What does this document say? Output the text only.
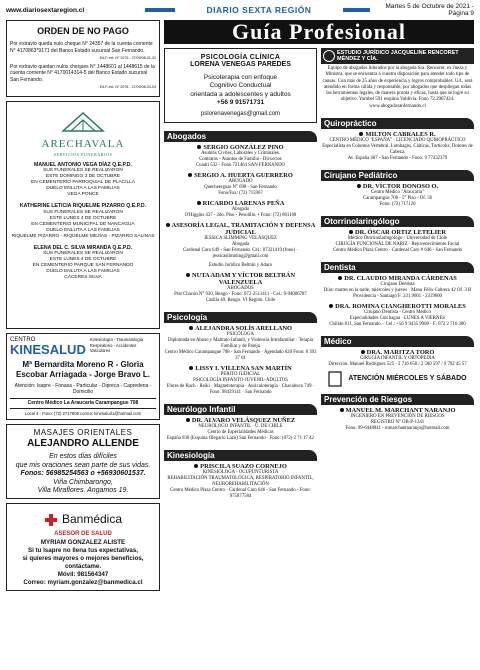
www.diariosextaregion.cl	DIARIO SEXTA REGIÓN	Martes 5 de Octubre de 2021 - Página 9
ORDEN DE NO PAGO
Por extravío queda nulo cheque N° 24357 de la cuenta corriente N° 4170863*9171 del Banco Estado sucursal San Fernando.
Ed-F-ext. N° 2075 - 27/09/08-01-02
Por extravío quedan nulos cheques N° 1448601 al 1448615 de la cuenta corriente N° 4170014314-5 del Banco Estado sucursal San Fernando.
Ed-F-ext. N° 2076 - 27/09/08-03-04
ARECHAVALA
SERVICIOS FUNERARIOS
MANUEL ANTONIO VEGA DÍAZ Q.E.P.D.
SUS FUNERALES SE REALIZARON
ESTE DOMINGO 3 DE OCTUBRE
EN CEMENTERIO PARROQUIAL DE PLACILLA
DUELO ENLUTA A LAS FAMILIAS
VEGA PONCE
KATHERINE LETICIA RIQUELME PIZARRO Q.E.P.D.
SUS FUNERALES SE REALIZARON
ESTE LUNES 4 DE OCTUBRE
EN CEMENTERIO MUNICIPAL DE NANCAGUA
DUELO ENLUTA A LAS FAMILIAS
RIQUELME PIZARRO - RIQUELME MEJÍAS - PIZARRO SALINAS
ELENA DEL C. SILVA MIRANDA Q.E.P.D.
SUS FUNERALES SE REALIZARON
ESTE LUNES 4 DE OCTUBRE
EN CEMENTERIO PARQUE SAN FERNANDO
DUELO ENLUTA A LAS FAMILIAS
CÁCERES SILVA
CENTRO
KINESALUD
Kinesiología - Traumatología Respiratorio - Accidentes Vasculares
Mª Bernardita Moreno R - Gloria Escobar Arriagada - Jorge Bravo L.
Atención: Isapre - Fonasa - Particular - Dipreca - Capredena - Domicilio
Centro Médico La Araucaria Carampangue 708
Local 4 - Fono: (72) 2717806 correo: kinesalud1@hotmail.com
MASAJES ORIENTALES
ALEJANDRO ALLENDE
En estos días difíciles
que mis oraciones sean parte de sus vidas.
Fonos: 56985254563 o +56930601537.
Viña Chimbarongo,
Villa Miraflores. Angamos 19.
Banmédica
ASESOR DE SALUD
MYRIAM GONZALEZ ALISTE
Si tu Isapre no llena tus expectativas,
si quieres mayores o mejores beneficios,
contáctame.
Móvil: 981564347
Correo: myriam.gonzalez@banmedica.cl
Guía Profesional
PSICOLOGÍA CLÍNICA
LORENA VENEGAS PAREDES
Psicoterapia con enfoque
Cognitivo Conductual
orientada a adolescentes y adultos
+56 9 91571731
pslorenavenegas@gmail.com
Abogados
SERGIO GONZÁLEZ PINO
Asuntos Civiles, Laborales y Criminales.
Contratos - Asuntos de Familia - Divorcios
Cuadri 532 - Fono 721464 SAN FERNANDO
SERGIO A. HUERTA GUERRERO
ABOGADO
Quechereguas N° 698 - San Fernando
Fono/Fax: (72) 715967
RICARDO LARENAS PEÑA
Abogado
O'Higgins 437 - 2do. Piso - Pesolillo. • Fono: (72) 861168
ASESORÍA LEGAL, TRAMITACIÓN Y DEFENSA JUDICIAL
JESSICA SLIMMING VELÁSQUEZ
Abogada
Cardenal Caro 649 - San Fernando. Cel.: 87321419 (fono) · jessicaslimming@gmail.com
Estudio Jurídico Beltrán y Adaro
NUTA ADAM Y VÍCTOR BELTRÁN VALENZUELA
ABOGADOS
Prat Chacón N° 930, Rengo - Fono: 072-2511411 - Cel.: 9-94006787
Casilla 40. Rengo. VI Región. Chile
Psicología
ALEJANDRA SOLÍS ARELLANO
PSICÓLOGA
Diplomada en Abuso y Maltrato Infantil, y Violencia Intrafamiliar · Terapia Familiar y de Pareja
Centro Médico Carampangue 708 - San Fernando · Agendado 620 Fono: 8 393 37 81
LISSY I. VILLENA SAN MARTÍN
PERITO JUDICIAL
PSICOLOGÍA INFANTO-JUVENIL-ADULTOS
Flores de Rach · Reiki · Magnetoterapia · Auriculoterapia · Chacabuco 749 · Fono: 98439141 · San Fernando
Neurólogo Infantil
DR. ALVARO VELÁSQUEZ NUÑEZ
NEUROLOGO INFANTIL · U. DE CHILE
Centro de Especialidades Médicas
España 830 (Esquina Olegario Lazo) San Fernando · Fono: (072) 2 71 17 42
Kinesiología
PRISCILA SUAZO CORNEJO
KINESIOLOGA - OCUPUNTURISTA
REHABILITACIÓN TRAUMATOLÓGICA, RESPIRATORIO INFANTIL, NEUROREHABILITACIÓN
Centro Médico Plaza Centro · Cardenal Caro 646 - San Fernando - Fono: 975877584
ESTUDIO JURÍDICO JACQUELINE RENCORET MÉNDEZ Y CÍA.
Equipo de abogados liderados por la abogada Sra. Rencoret, ex Jueza y Ministra, que se encuentra a vuestra disposición para atender todo tipo de causas. Con más de 25 años de experiencia y logros comprobables. Ud., será atendido en forma cálida y responsable, por abogados que despliegan todas las herramientas legales, de manera pronta y eficaz, hasta que se logre su objetivo. Yumbel 591 esquina Valdivia. Fono 72.2967424. www.abogadosanfernando.cl
Quiropráctico
MILTON CABRALES R.
CENTRO MÉDICO "ESPAÑA" · LICENCIADO QUIROPRÁCTICO
Especialista en Columna Vertebral. Lumbagos, Ciáticas, Tortícolis, Dolores de Cabeza.
Av. España 467 - San Fernando - Fono: 9 77432379
Cirujano Pediátrico
DR. VÍCTOR DONOSO O.
Centro Médico "Araucaria"
Carampangue 708 - 5° Piso - Of. 56
Fono: (72) 717120
Otorrinolaringólogo
DR. ÓSCAR ORTIZ LETELIER
Médico Otorrinolaringólogo · Universidad de Chile
CIRUGÍA FUNCIONAL DE NARIZ · Rejuvenecimiento Facial
Centro Médico Plaza Centro · Cardenal Caro # 646 - San Fernando
Dentista
DR. CLAUDIO MIRANDA CÁRDENAS
Cirujano Dentista
Días: martes en la tarde, miércoles y jueves · Manu Félix Cabrera 42 Of. 3 B
Providencia - Santiago F: 231 9601 - 2319600
DRA. ROMINA CIANGHEROTTI MORALES
Cirujano Dentista - Centro Médico
Especialidades Colchagua · LUNES A VIERNES
Chillán 811, San Fernando. - Cel.: +56 9 9435 9908 · F: 072 2 716 300
Médico
DRA. MARITZA TORO
CIRUGÍA INFANTIL Y ORTOPEDIA
Dirección: Manuel Rodríguez 525 · 2 716 650 / 2 580 597 / 9 792 45 57
ATENCIÓN MIÉRCOLES Y SÁBADO
Prevención de Riesgos
MANUEL M. MARCHANT NARANJO
INGENIERO EN PREVENCIÓN DE RIESGOS
REGISTRO N° OB-P-1341
Fono: 99-6448841 - mmarchantnaranjo@hotmail.com
